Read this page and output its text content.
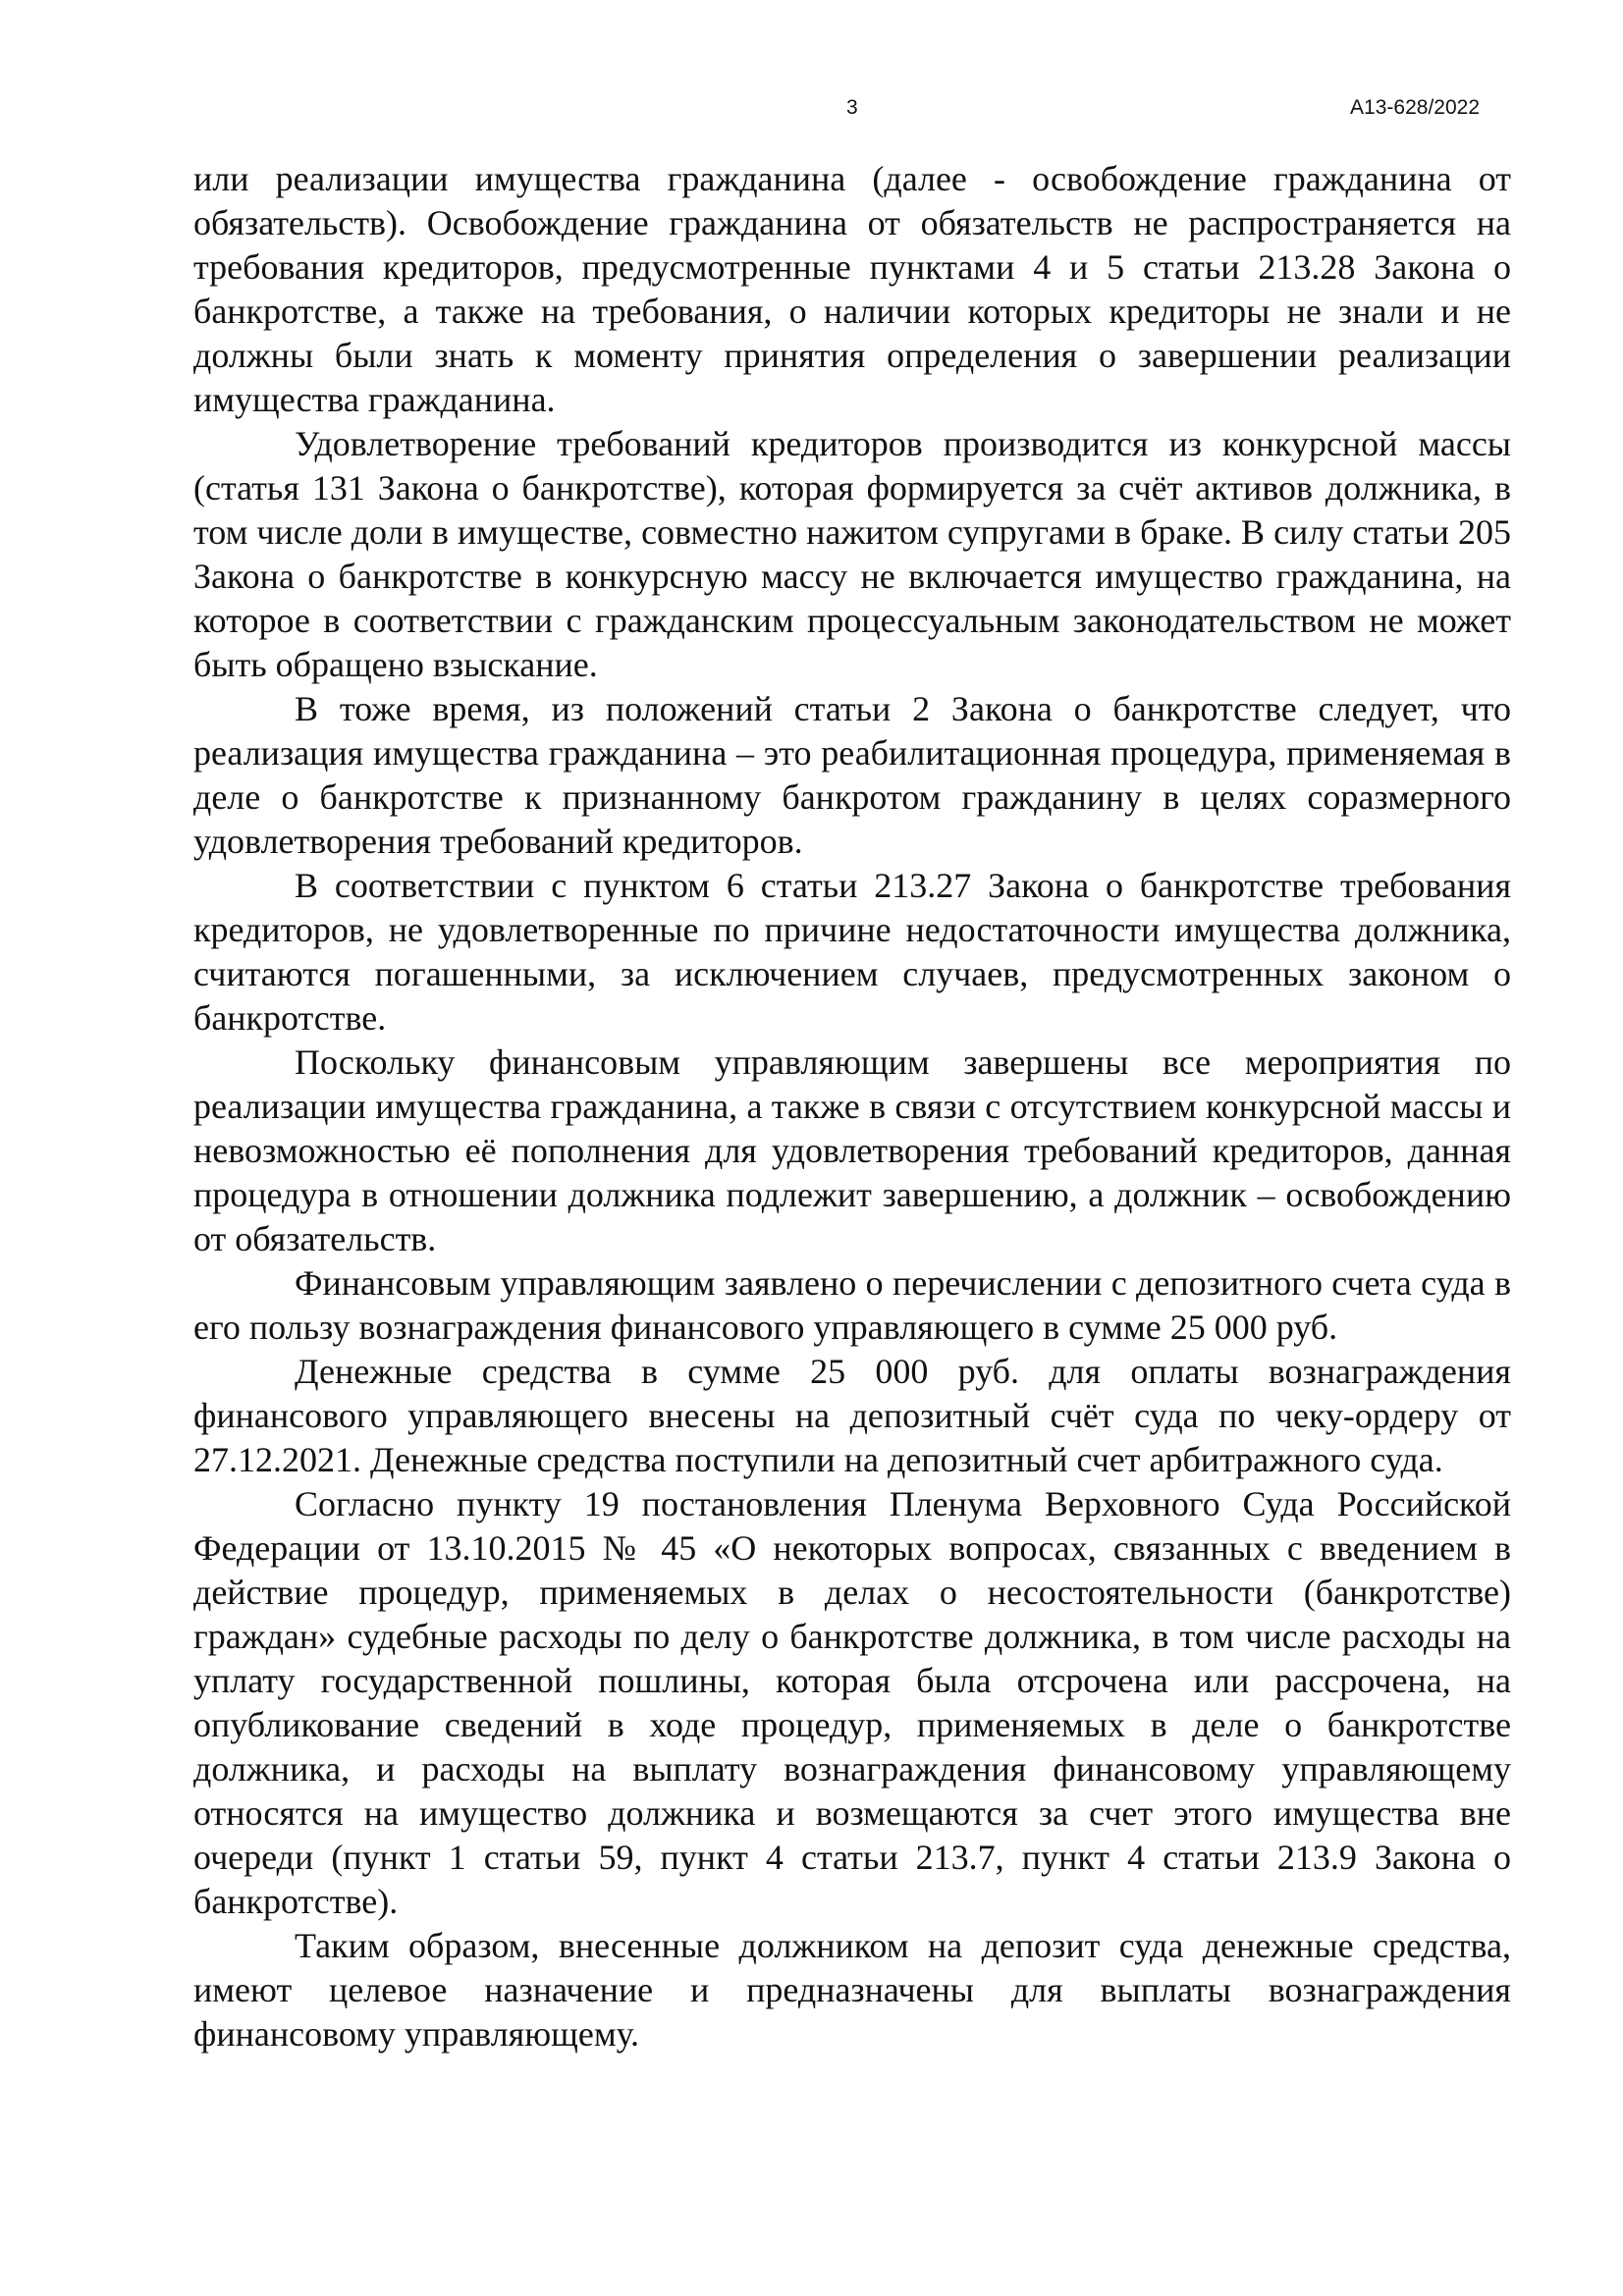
3	А13-628/2022

или реализации имущества гражданина (далее - освобождение гражданина от обязательств). Освобождение гражданина от обязательств не распространяется на требования кредиторов, предусмотренные пунктами 4 и 5 статьи 213.28 Закона о банкротстве, а также на требования, о наличии которых кредиторы не знали и не должны были знать к моменту принятия определения о завершении реализации имущества гражданина.

Удовлетворение требований кредиторов производится из конкурсной массы (статья 131 Закона о банкротстве), которая формируется за счёт активов должника, в том числе доли в имуществе, совместно нажитом супругами в браке. В силу статьи 205 Закона о банкротстве в конкурсную массу не включается имущество гражданина, на которое в соответствии с гражданским процессуальным законодательством не может быть обращено взыскание.

В тоже время, из положений статьи 2 Закона о банкротстве следует, что реализация имущества гражданина – это реабилитационная процедура, применяемая в деле о банкротстве к признанному банкротом гражданину в целях соразмерного удовлетворения требований кредиторов.

В соответствии с пунктом 6 статьи 213.27 Закона о банкротстве требования кредиторов, не удовлетворенные по причине недостаточности имущества должника, считаются погашенными, за исключением случаев, предусмотренных законом о банкротстве.

Поскольку финансовым управляющим завершены все мероприятия по реализации имущества гражданина, а также в связи с отсутствием конкурсной массы и невозможностью её пополнения для удовлетворения требований кредиторов, данная процедура в отношении должника подлежит завершению, а должник – освобождению от обязательств.

Финансовым управляющим заявлено о перечислении с депозитного счета суда в его пользу вознаграждения финансового управляющего в сумме 25 000 руб.

Денежные средства в сумме 25 000 руб. для оплаты вознаграждения финансового управляющего внесены на депозитный счёт суда по чеку-ордеру от 27.12.2021. Денежные средства поступили на депозитный счет арбитражного суда.

Согласно пункту 19 постановления Пленума Верховного Суда Российской Федерации от 13.10.2015 № 45 «О некоторых вопросах, связанных с введением в действие процедур, применяемых в делах о несостоятельности (банкротстве) граждан» судебные расходы по делу о банкротстве должника, в том числе расходы на уплату государственной пошлины, которая была отсрочена или рассрочена, на опубликование сведений в ходе процедур, применяемых в деле о банкротстве должника, и расходы на выплату вознаграждения финансовому управляющему относятся на имущество должника и возмещаются за счет этого имущества вне очереди (пункт 1 статьи 59, пункт 4 статьи 213.7, пункт 4 статьи 213.9 Закона о банкротстве).

Таким образом, внесенные должником на депозит суда денежные средства, имеют целевое назначение и предназначены для выплаты вознаграждения финансовому управляющему.
